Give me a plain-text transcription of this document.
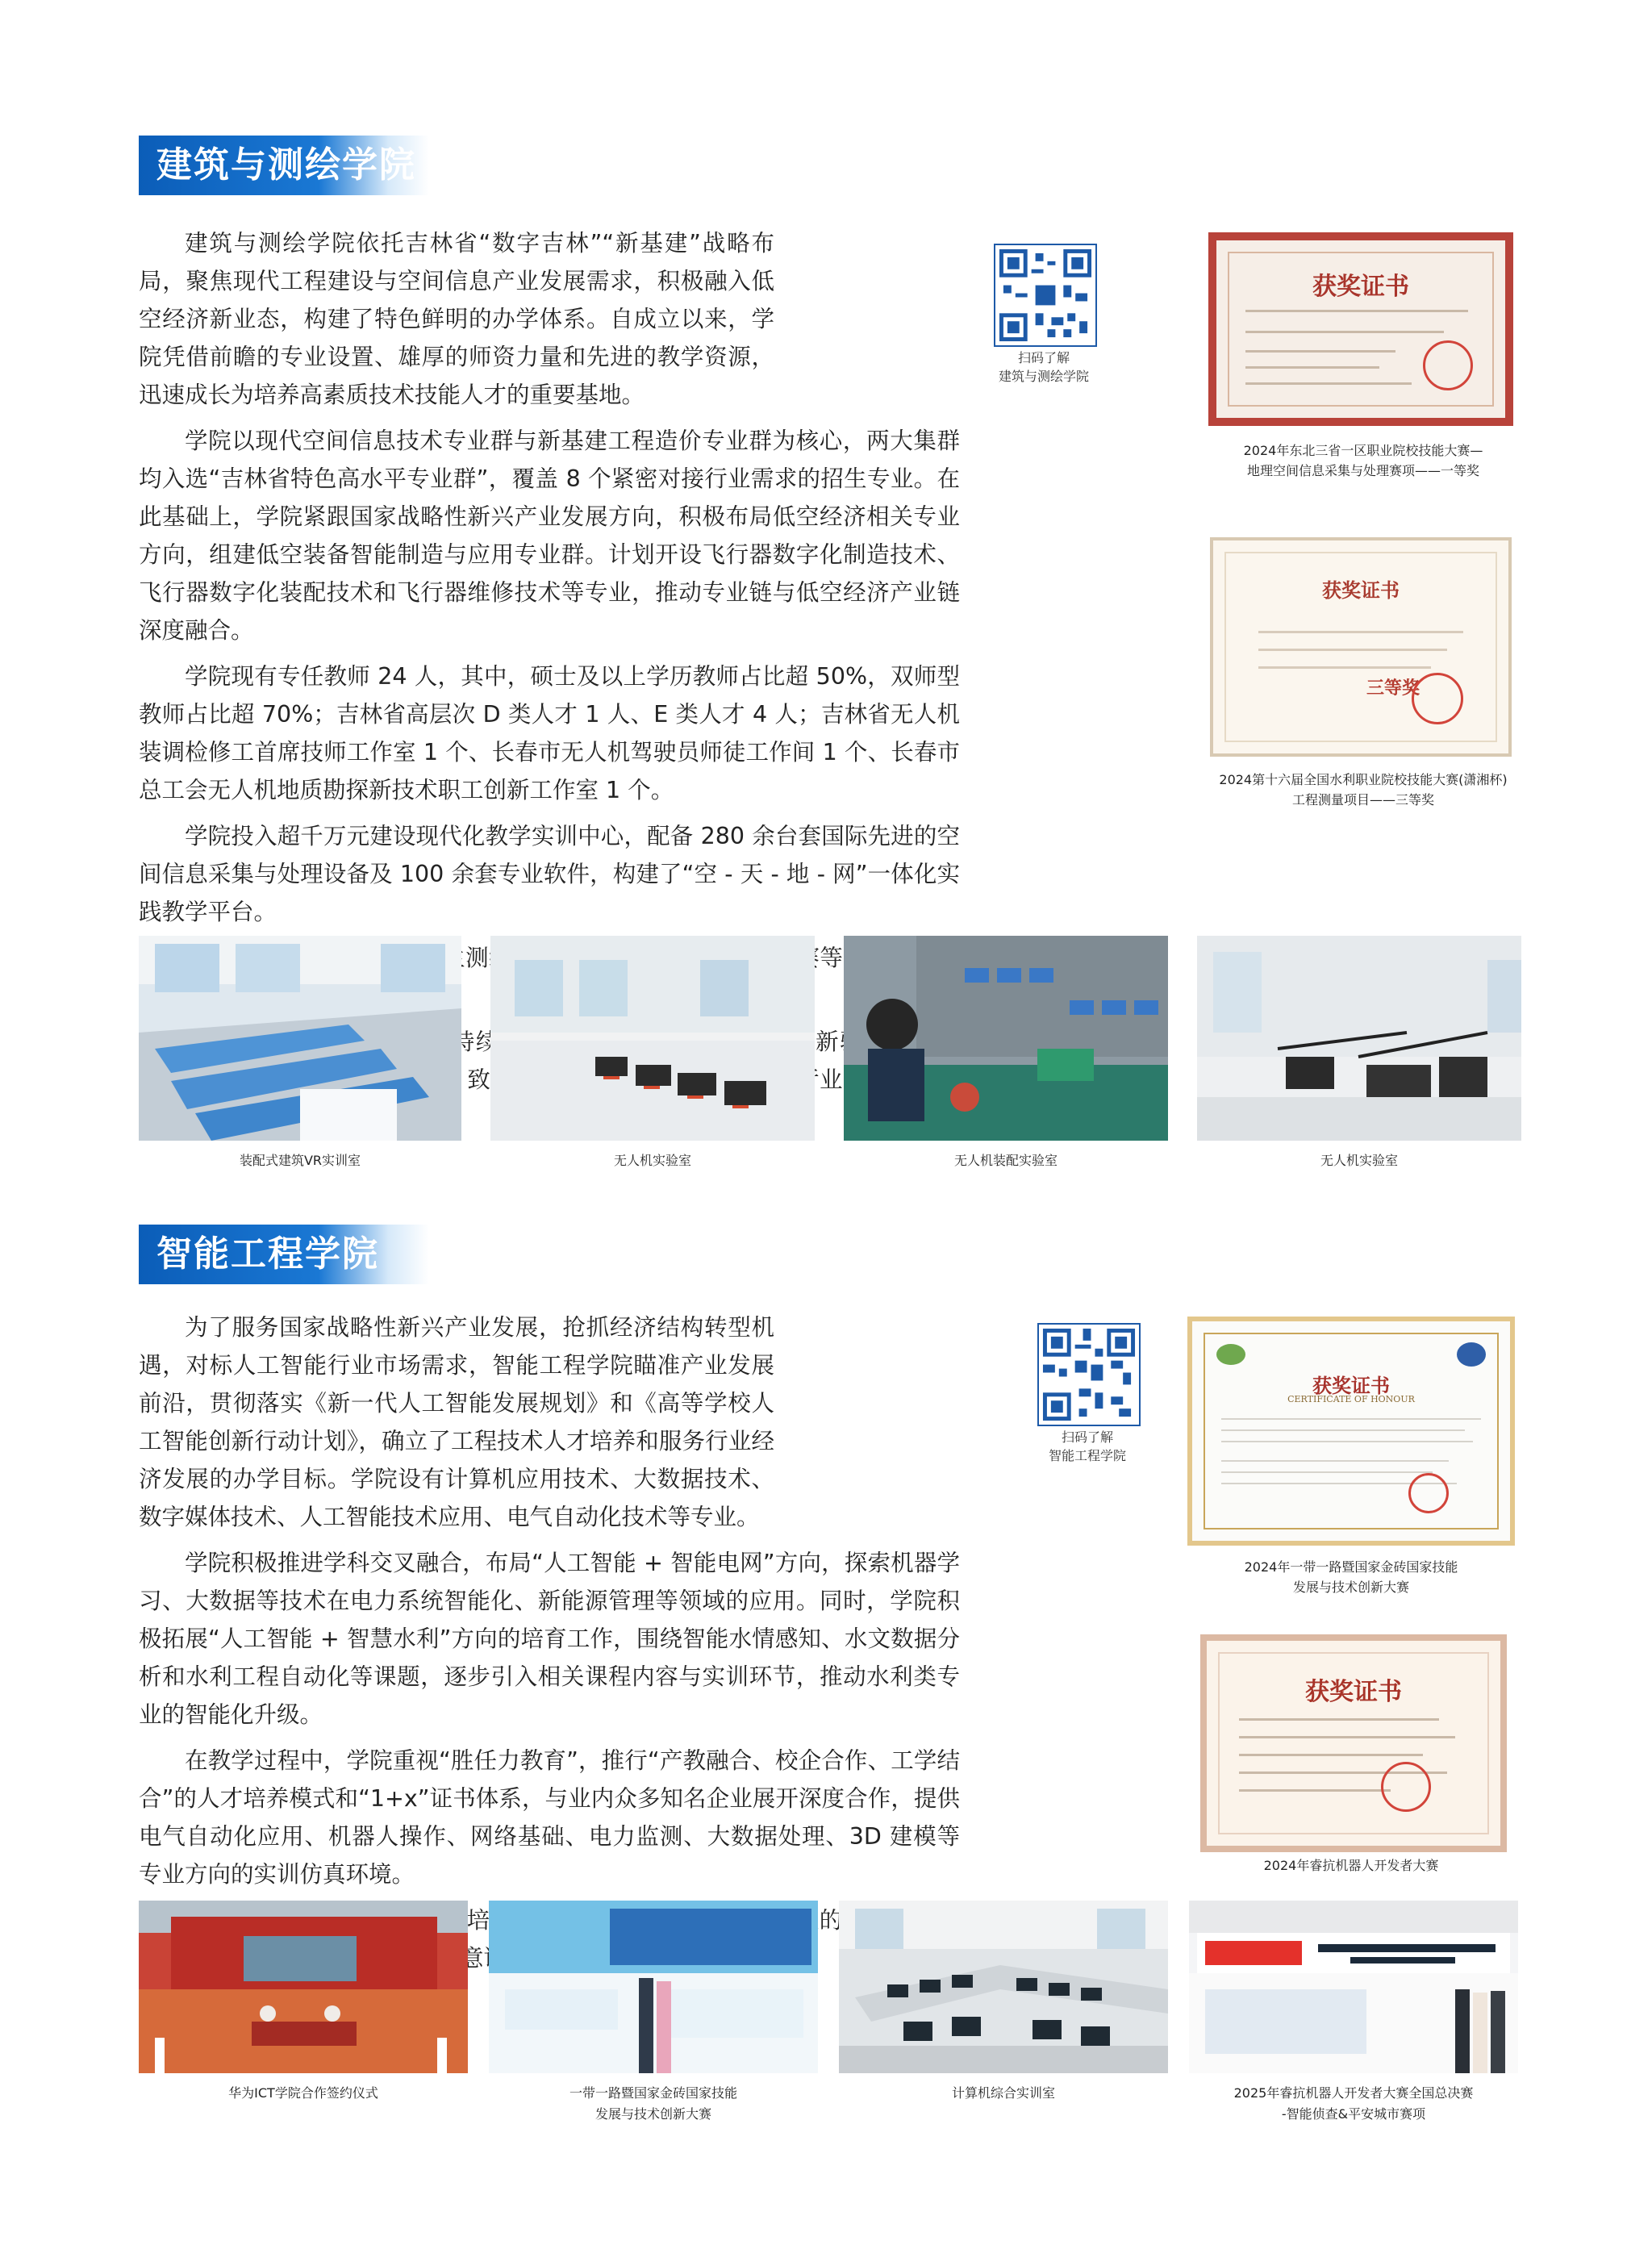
建筑与测绘学院

建筑与测绘学院依托吉林省“数字吉林”“新基建”战略布局，聚焦现代工程建设与空间信息产业发展需求，积极融入低空经济新业态，构建了特色鲜明的办学体系。自成立以来，学院凭借前瞻的专业设置、雄厚的师资力量和先进的教学资源，迅速成长为培养高素质技术技能人才的重要基地。

学院以现代空间信息技术专业群与新基建工程造价专业群为核心，两大集群均入选“吉林省特色高水平专业群”，覆盖 8 个紧密对接行业需求的招生专业。在此基础上，学院紧跟国家战略性新兴产业发展方向，积极布局低空经济相关专业方向，组建低空装备智能制造与应用专业群。计划开设飞行器数字化制造技术、飞行器数字化装配技术和飞行器维修技术等专业，推动专业链与低空经济产业链深度融合。

学院现有专任教师 24 人，其中，硕士及以上学历教师占比超 50%，双师型教师占比超 70%；吉林省高层次 D 类人才 1 人、E 类人才 4 人；吉林省无人机装调检修工首席技师工作室 1 个、长春市无人机驾驶员师徒工作间 1 个、长春市总工会无人机地质勘探新技术职工创新工作室 1 个。

学院投入超千万元建设现代化教学实训中心，配备 280 余台套国际先进的空间信息采集与处理设备及 100 余套专业软件，构建了“空 - 天 - 地 - 网”一体化实践教学平台。

造价应用大赛等赛事，获奖

扫码了解
建筑与测绘学院
获奖证书
2024年东北三省一区职业院校技能大赛—
地理空间信息采集与处理赛项——一等奖
获奖证书
三等奖
2024第十六届全国水利职业院校技能大赛(潇湘杯)
工程测量项目——三等奖
装配式建筑VR实训室	无人机实验室	无人机装配实验室	无人机实验室
智能工程学院

为了服务国家战略性新兴产业发展，抢抓经济结构转型机遇，对标人工智能行业市场需求，智能工程学院瞄准产业发展前沿，贯彻落实《新一代人工智能发展规划》和《高等学校人工智能创新行动计划》，确立了工程技术人才培养和服务行业经济发展的办学目标。学院设有计算机应用技术、大数据技术、数字媒体技术、人工智能技术应用、电气自动化技术等专业。

学院积极推进学科交叉融合，布局“人工智能 + 智能电网”方向，探索机器学习、大数据等技术在电力系统智能化、新能源管理等领域的应用。同时，学院积极拓展“人工智能 + 智慧水利”方向的培育工作，围绕智能水情感知、水文数据分析和水利工程自动化等课题，逐步引入相关课程内容与实训环节，推动水利类专业的智能化升级。

在教学过程中，学院重视“胜任力教育”，推行“产教融合、校企合作、工学结合”的人才培养模式和“1+x”证书体系，与业内众多知名企业展开深度合作，提供电气自动化应用、机器人操作、网络基础、电力监测、大数据处理、3D 建模等专业方向的实训仿真环境。

扫码了解
智能工程学院
获奖证书
CERTIFICATE OF HONOUR
2024年一带一路暨国家金砖国家技能
发展与技术创新大赛
获奖证书
2024年睿抗机器人开发者大赛
华为ICT学院合作签约仪式	一带一路暨国家金砖国家技能
发展与技术创新大赛
计算机综合实训室	2025年睿抗机器人开发者大赛全国总决赛
-智能侦查&平安城市赛项
